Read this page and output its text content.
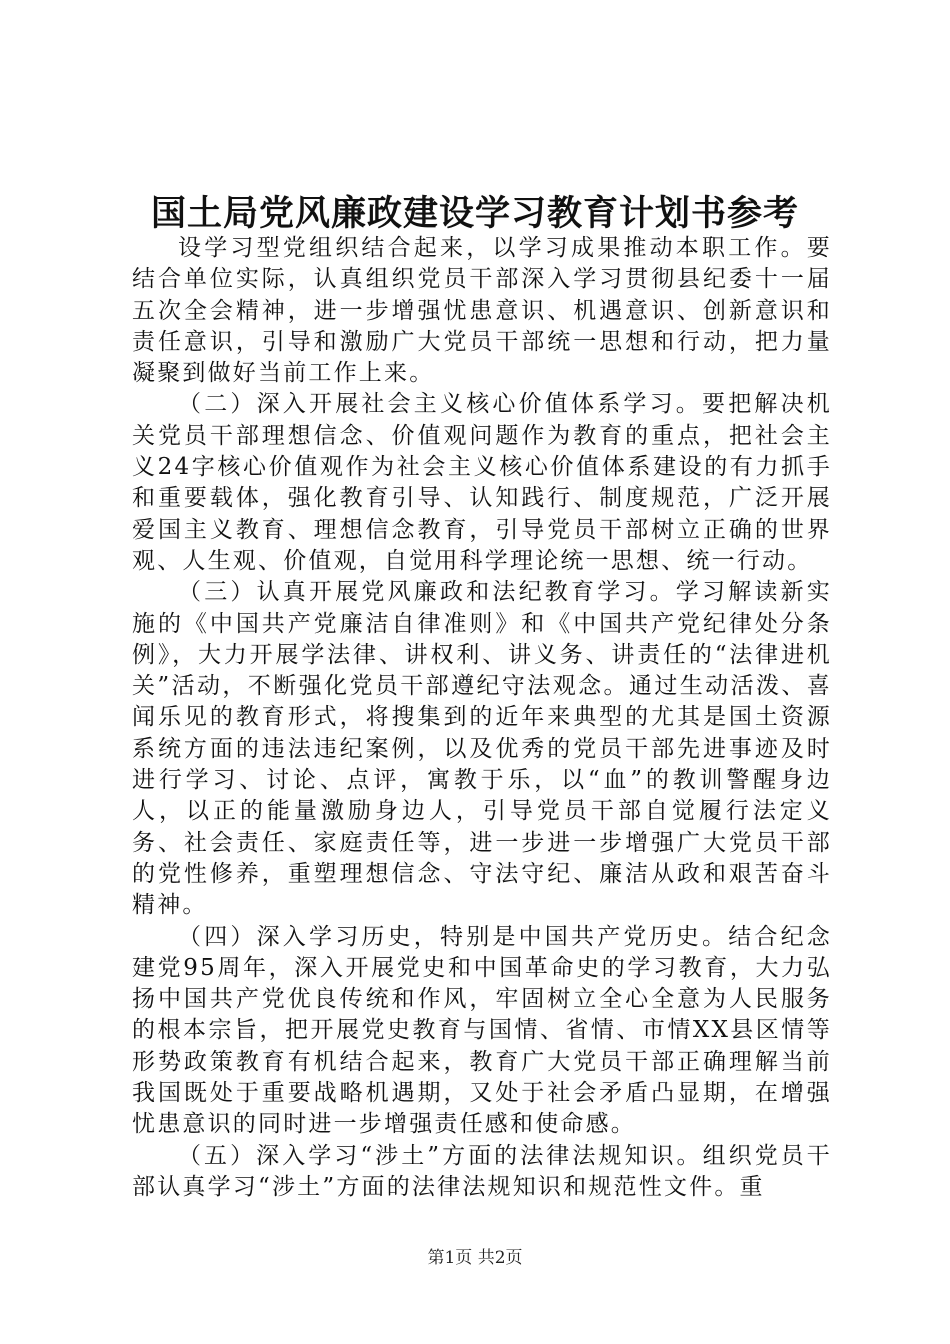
国土局党风廉政建设学习教育计划书参考

设学习型党组织结合起来，以学习成果推动本职工作。要结合单位实际，认真组织党员干部深入学习贯彻县纪委十一届五次全会精神，进一步增强忧患意识、机遇意识、创新意识和责任意识，引导和激励广大党员干部统一思想和行动，把力量凝聚到做好当前工作上来。

（二）深入开展社会主义核心价值体系学习。要把解决机关党员干部理想信念、价值观问题作为教育的重点，把社会主义24字核心价值观作为社会主义核心价值体系建设的有力抓手和重要载体，强化教育引导、认知践行、制度规范，广泛开展爱国主义教育、理想信念教育，引导党员干部树立正确的世界观、人生观、价值观，自觉用科学理论统一思想、统一行动。

（三）认真开展党风廉政和法纪教育学习。学习解读新实施的《中国共产党廉洁自律准则》和《中国共产党纪律处分条例》，大力开展学法律、讲权利、讲义务、讲责任的“法律进机关”活动，不断强化党员干部遵纪守法观念。通过生动活泼、喜闻乐见的教育形式，将搜集到的近年来典型的尤其是国土资源系统方面的违法违纪案例，以及优秀的党员干部先进事迹及时进行学习、讨论、点评，寓教于乐，以“血”的教训警醒身边人，以正的能量激励身边人，引导党员干部自觉履行法定义务、社会责任、家庭责任等，进一步进一步增强广大党员干部的党性修养，重塑理想信念、守法守纪、廉洁从政和艰苦奋斗精神。

（四）深入学习历史，特别是中国共产党历史。结合纪念建党95周年，深入开展党史和中国革命史的学习教育，大力弘扬中国共产党优良传统和作风，牢固树立全心全意为人民服务的根本宗旨，把开展党史教育与国情、省情、市情XX县区情等形势政策教育有机结合起来，教育广大党员干部正确理解当前我国既处于重要战略机遇期，又处于社会矛盾凸显期，在增强忧患意识的同时进一步增强责任感和使命感。

（五）深入学习“涉土”方面的法律法规知识。组织党员干部认真学习“涉土”方面的法律法规知识和规范性文件。重

第1页 共2页
